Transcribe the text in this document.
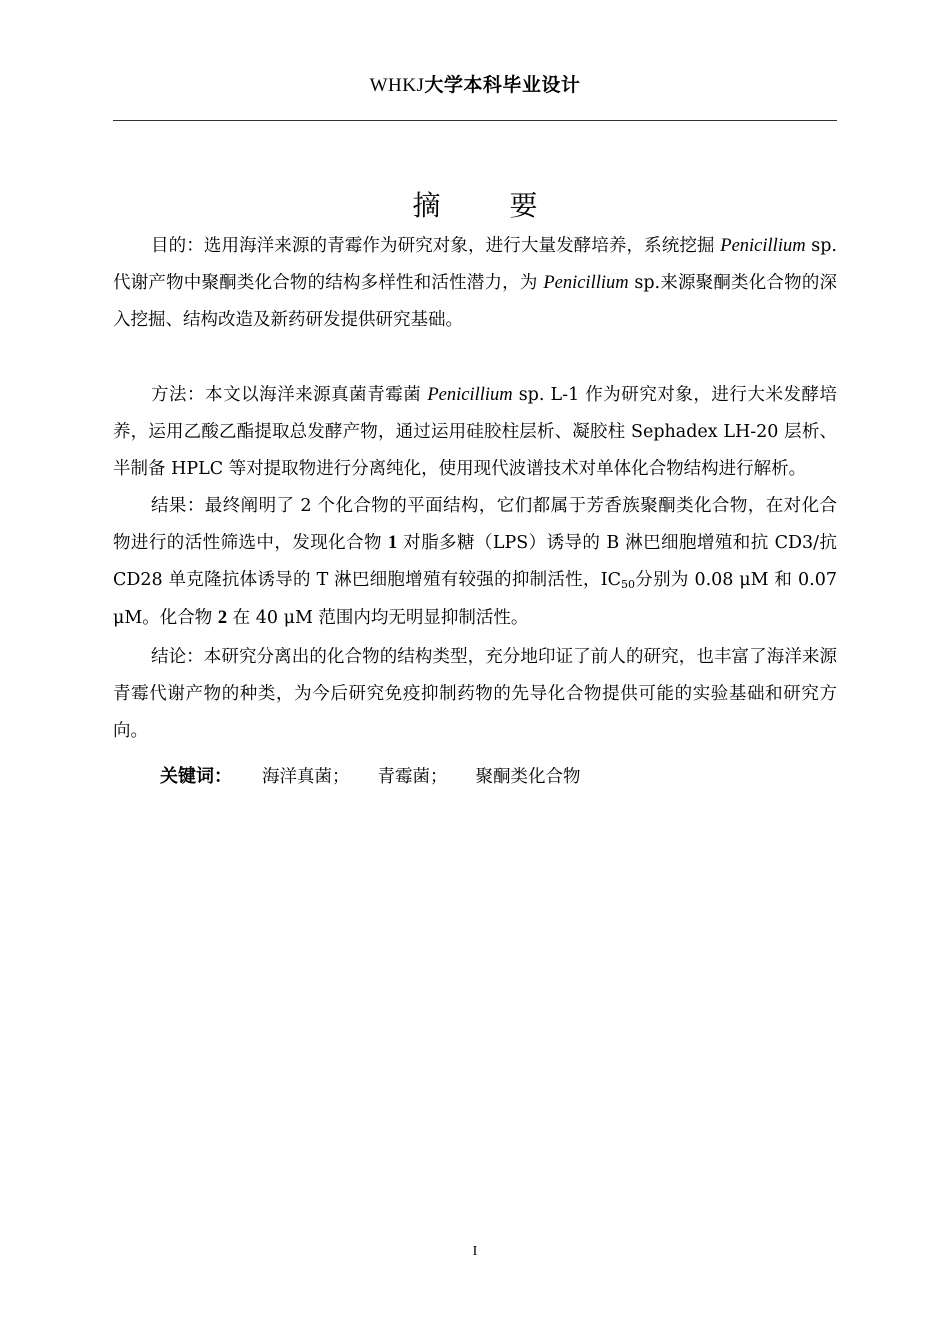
WHKJ大学本科毕业设计
摘 要
目的：选用海洋来源的青霉作为研究对象，进行大量发酵培养，系统挖掘 Penicillium sp.代谢产物中聚酮类化合物的结构多样性和活性潜力，为 Penicillium sp.来源聚酮类化合物的深入挖掘、结构改造及新药研发提供研究基础。
方法：本文以海洋来源真菌青霉菌 Penicillium sp. L-1 作为研究对象，进行大米发酵培养，运用乙酸乙酯提取总发酵产物，通过运用硅胶柱层析、凝胶柱 Sephadex LH-20 层析、半制备 HPLC 等对提取物进行分离纯化，使用现代波谱技术对单体化合物结构进行解析。
结果：最终阐明了 2 个化合物的平面结构，它们都属于芳香族聚酮类化合物，在对化合物进行的活性筛选中，发现化合物 1 对脂多糖（LPS）诱导的 B 淋巴细胞增殖和抗 CD3/抗 CD28 单克隆抗体诱导的 T 淋巴细胞增殖有较强的抑制活性，$IC_{50}$分别为 0.08 μM 和 0.07 μM。化合物 2 在 40 μM 范围内均无明显抑制活性。
结论：本研究分离出的化合物的结构类型，充分地印证了前人的研究，也丰富了海洋来源青霉代谢产物的种类，为今后研究免疫抑制药物的先导化合物提供可能的实验基础和研究方向。
关键词： 海洋真菌； 青霉菌； 聚酮类化合物
I
